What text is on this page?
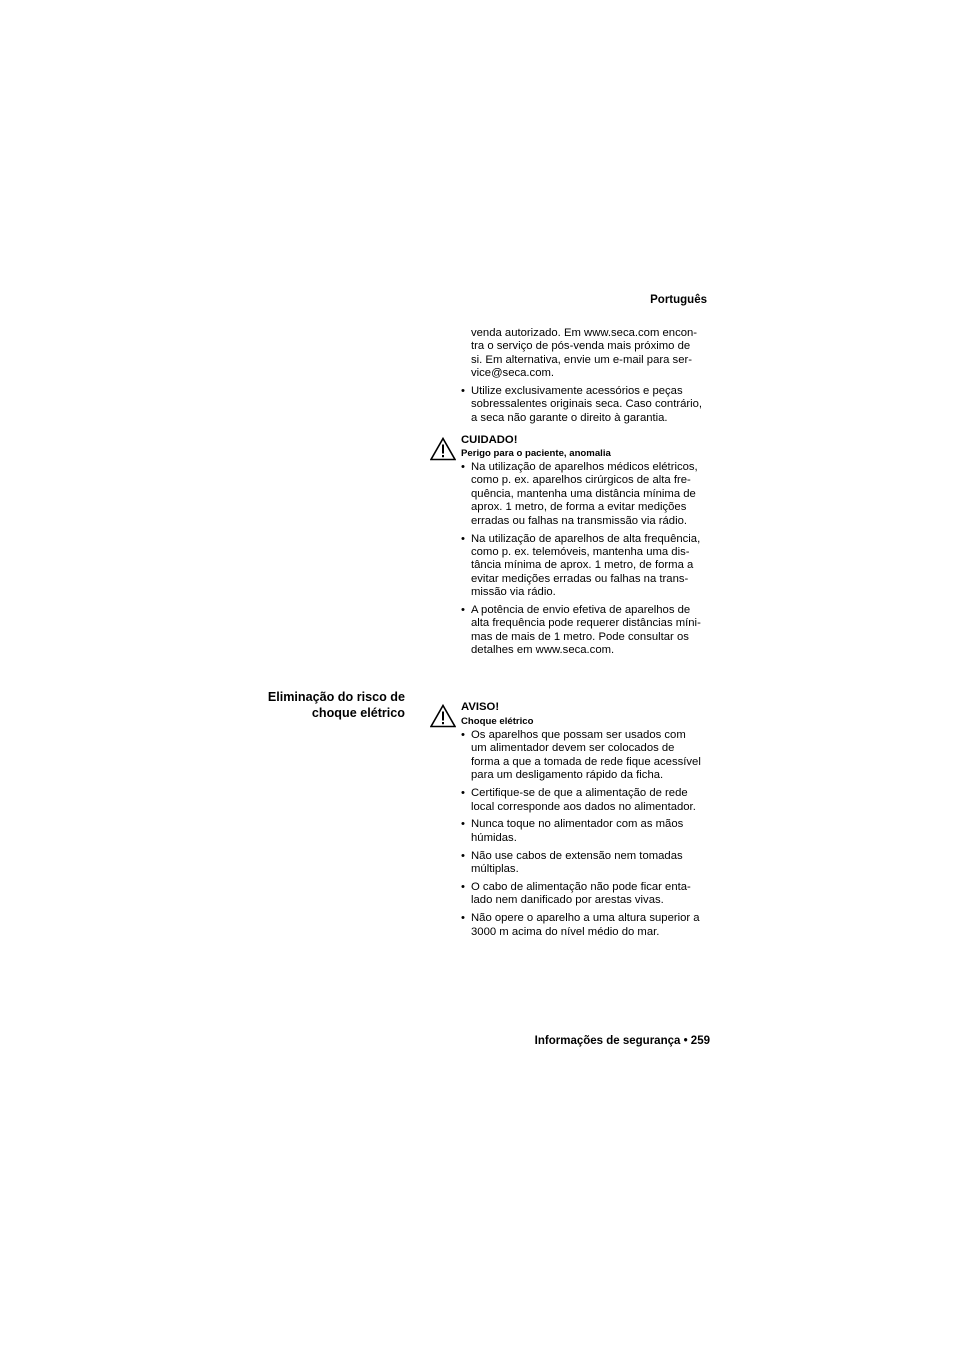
Português
venda autorizado. Em www.seca.com encon-
tra o serviço de pós-venda mais próximo de
si. Em alternativa, envie um e-mail para ser-
vice@seca.com.
• Utilize exclusivamente acessórios e peças
sobressalentes originais seca. Caso contrário,
a seca não garante o direito à garantia.
CUIDADO!
Perigo para o paciente, anomalia
• Na utilização de aparelhos médicos elétricos,
como p. ex. aparelhos cirúrgicos de alta fre-
quência, mantenha uma distância mínima de
aprox. 1 metro, de forma a evitar medições
erradas ou falhas na transmissão via rádio.
• Na utilização de aparelhos de alta frequência,
como p. ex. telemóveis, mantenha uma dis-
tância mínima de aprox. 1 metro, de forma a
evitar medições erradas ou falhas na trans-
missão via rádio.
• A potência de envio efetiva de aparelhos de
alta frequência pode requerer distâncias míni-
mas de mais de 1 metro. Pode consultar os
detalhes em www.seca.com.
Eliminação do risco de
choque elétrico	AVISO!
Choque elétrico
• Os aparelhos que possam ser usados com
um alimentador devem ser colocados de
forma a que a tomada de rede fique acessível
para um desligamento rápido da ficha.
• Certifique-se de que a alimentação de rede
local corresponde aos dados no alimentador.
• Nunca toque no alimentador com as mãos
húmidas.
• Não use cabos de extensão nem tomadas
múltiplas.
• O cabo de alimentação não pode ficar enta-
lado nem danificado por arestas vivas.
• Não opere o aparelho a uma altura superior a
3000 m acima do nível médio do mar.
Informações de segurança • 259
